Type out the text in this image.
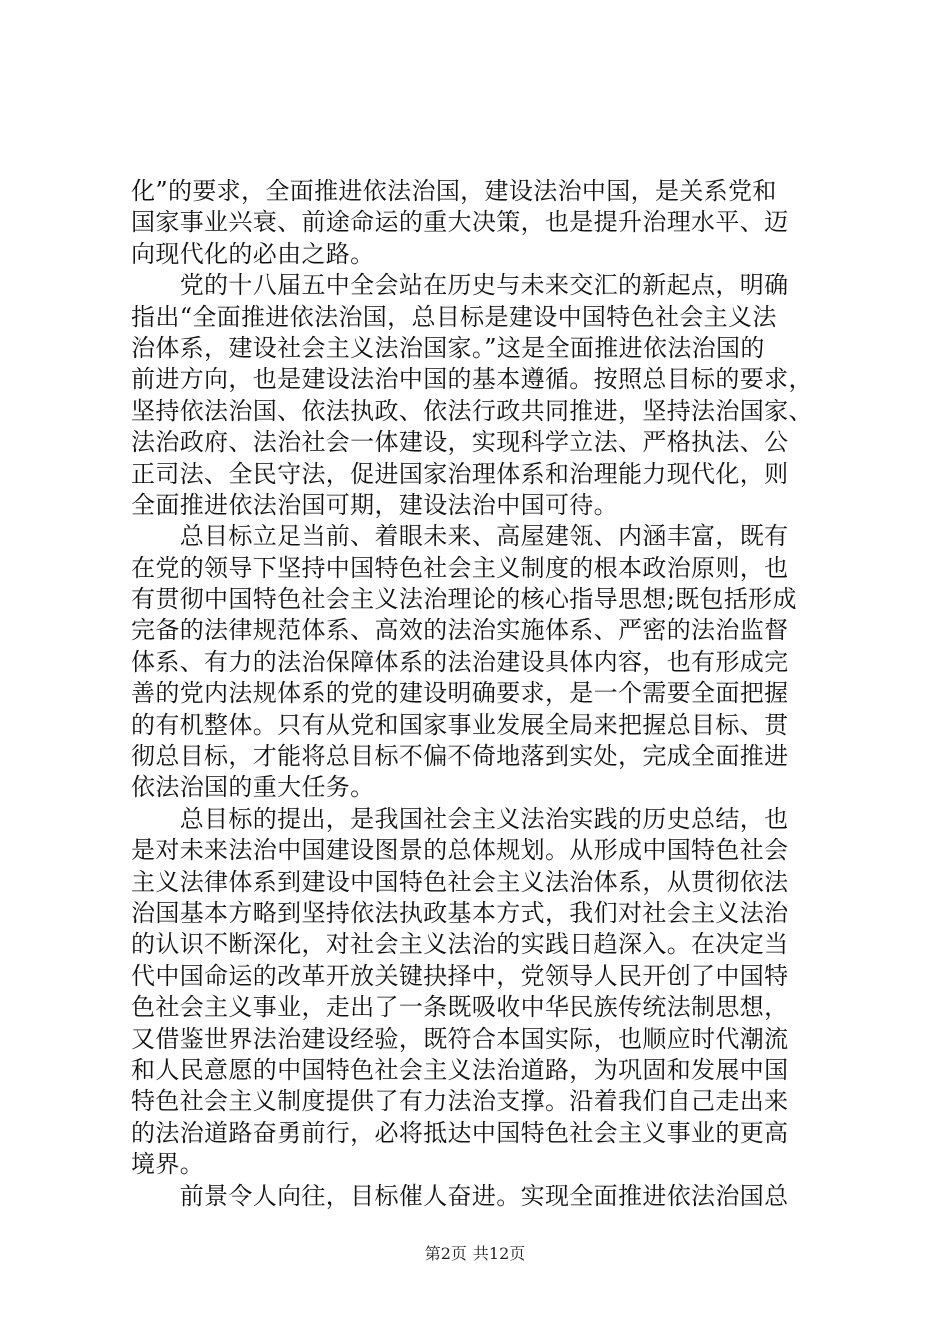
化”的要求，全面推进依法治国，建设法治中国，是关系党和
国家事业兴衰、前途命运的重大决策，也是提升治理水平、迈
向现代化的必由之路。
　　党的十八届五中全会站在历史与未来交汇的新起点，明确
指出“全面推进依法治国，总目标是建设中国特色社会主义法
治体系，建设社会主义法治国家。”这是全面推进依法治国的
前进方向，也是建设法治中国的基本遵循。按照总目标的要求，
坚持依法治国、依法执政、依法行政共同推进，坚持法治国家、
法治政府、法治社会一体建设，实现科学立法、严格执法、公
正司法、全民守法，促进国家治理体系和治理能力现代化，则
全面推进依法治国可期，建设法治中国可待。
　　总目标立足当前、着眼未来、高屋建瓴、内涵丰富，既有
在党的领导下坚持中国特色社会主义制度的根本政治原则，也
有贯彻中国特色社会主义法治理论的核心指导思想;既包括形成
完备的法律规范体系、高效的法治实施体系、严密的法治监督
体系、有力的法治保障体系的法治建设具体内容，也有形成完
善的党内法规体系的党的建设明确要求，是一个需要全面把握
的有机整体。只有从党和国家事业发展全局来把握总目标、贯
彻总目标，才能将总目标不偏不倚地落到实处，完成全面推进
依法治国的重大任务。
　　总目标的提出，是我国社会主义法治实践的历史总结，也
是对未来法治中国建设图景的总体规划。从形成中国特色社会
主义法律体系到建设中国特色社会主义法治体系，从贯彻依法
治国基本方略到坚持依法执政基本方式，我们对社会主义法治
的认识不断深化，对社会主义法治的实践日趋深入。在决定当
代中国命运的改革开放关键抉择中，党领导人民开创了中国特
色社会主义事业，走出了一条既吸收中华民族传统法制思想，
又借鉴世界法治建设经验，既符合本国实际，也顺应时代潮流
和人民意愿的中国特色社会主义法治道路，为巩固和发展中国
特色社会主义制度提供了有力法治支撑。沿着我们自己走出来
的法治道路奋勇前行，必将抵达中国特色社会主义事业的更高
境界。
　　前景令人向往，目标催人奋进。实现全面推进依法治国总
第2页 共12页
